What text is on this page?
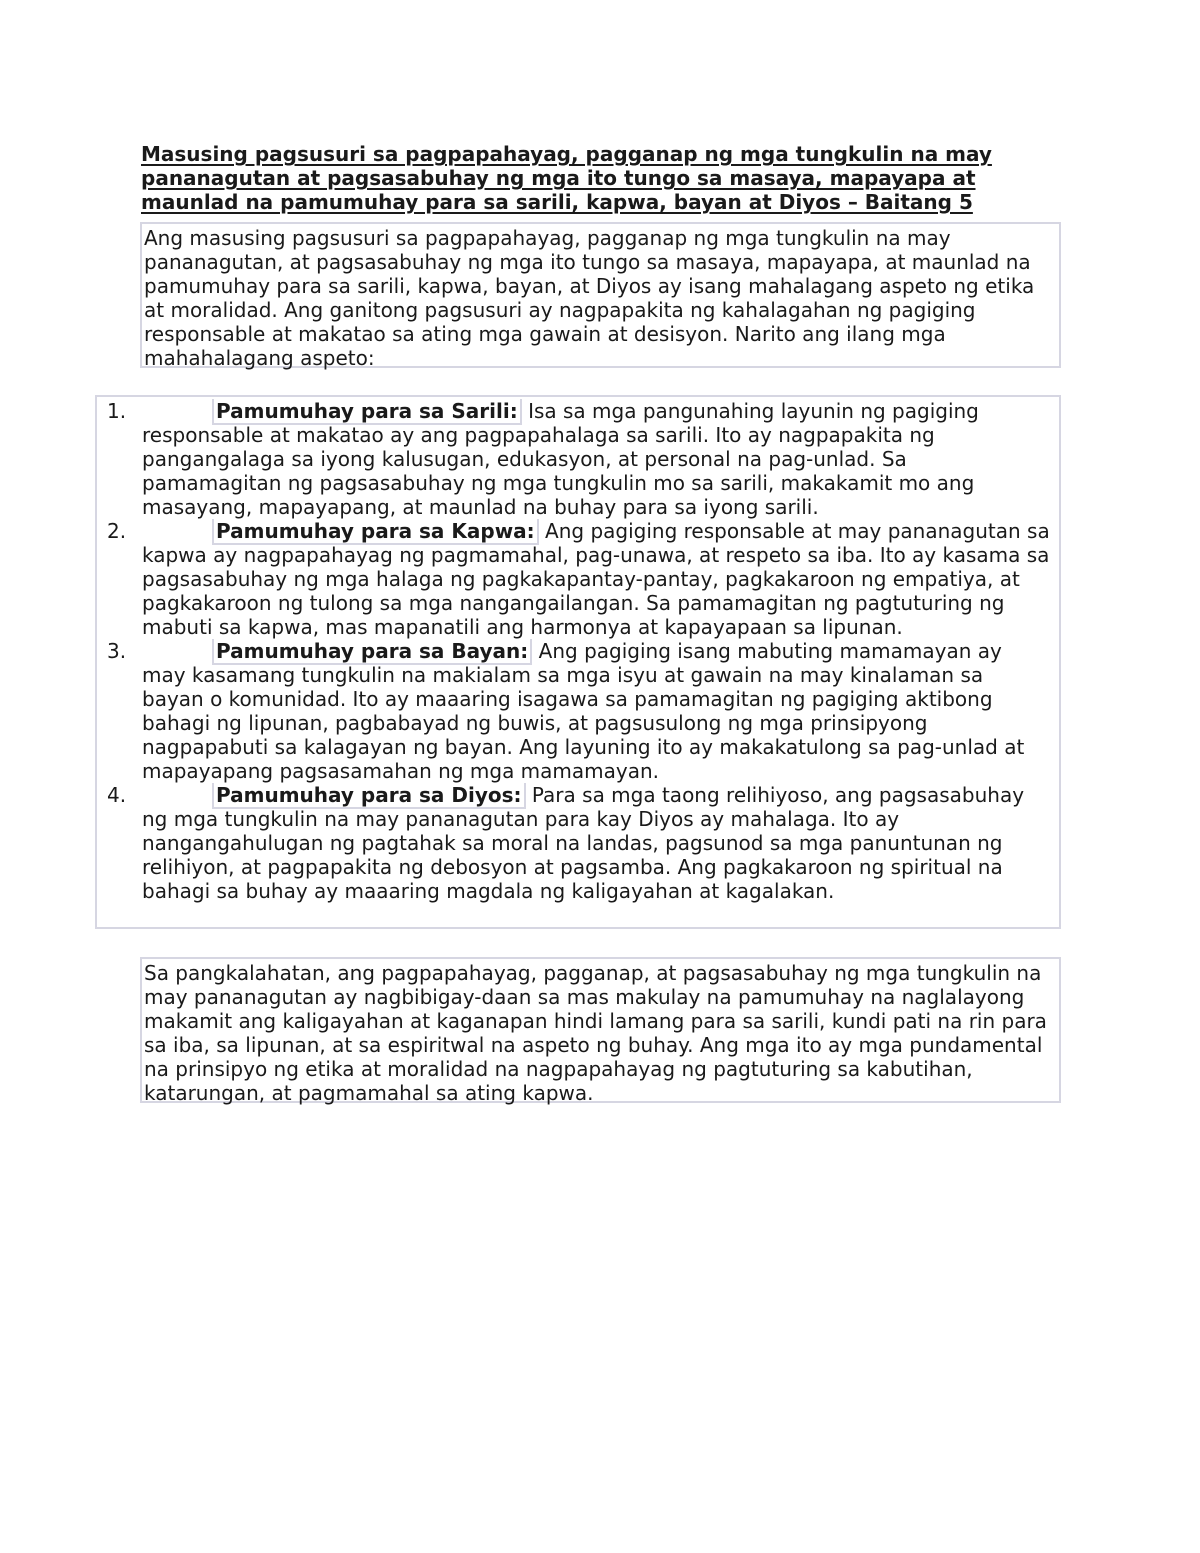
Masusing pagsusuri sa pagpapahayag, pagganap ng mga tungkulin na may pananagutan at pagsasabuhay ng mga ito tungo sa masaya, mapayapa at maunlad na pamumuhay para sa sarili, kapwa, bayan at Diyos – Baitang 5
Ang masusing pagsusuri sa pagpapahayag, pagganap ng mga tungkulin na may pananagutan, at pagsasabuhay ng mga ito tungo sa masaya, mapayapa, at maunlad na pamumuhay para sa sarili, kapwa, bayan, at Diyos ay isang mahalagang aspeto ng etika at moralidad. Ang ganitong pagsusuri ay nagpapakita ng kahalagahan ng pagiging responsable at makatao sa ating mga gawain at desisyon. Narito ang ilang mga mahahalagang aspeto:
1.	Pamumuhay para sa Sarili: Isa sa mga pangunahing layunin ng pagiging responsable at makatao ay ang pagpapahalaga sa sarili. Ito ay nagpapakita ng pangangalaga sa iyong kalusugan, edukasyon, at personal na pag-unlad. Sa pamamagitan ng pagsasabuhay ng mga tungkulin mo sa sarili, makakamit mo ang masayang, mapayapang, at maunlad na buhay para sa iyong sarili.
2.	Pamumuhay para sa Kapwa: Ang pagiging responsable at may pananagutan sa kapwa ay nagpapahayag ng pagmamahal, pag-unawa, at respeto sa iba. Ito ay kasama sa pagsasabuhay ng mga halaga ng pagkakapantay-pantay, pagkakaroon ng empatiya, at pagkakaroon ng tulong sa mga nangangailangan. Sa pamamagitan ng pagtuturing ng mabuti sa kapwa, mas mapanatili ang harmonya at kapayapaan sa lipunan.
3.	Pamumuhay para sa Bayan: Ang pagiging isang mabuting mamamayan ay may kasamang tungkulin na makialam sa mga isyu at gawain na may kinalaman sa bayan o komunidad. Ito ay maaaring isagawa sa pamamagitan ng pagiging aktibong bahagi ng lipunan, pagbabayad ng buwis, at pagsusulong ng mga prinsipyong nagpapabuti sa kalagayan ng bayan. Ang layuning ito ay makakatulong sa pag-unlad at mapayapang pagsasamahan ng mga mamamayan.
4.	Pamumuhay para sa Diyos: Para sa mga taong relihiyoso, ang pagsasabuhay ng mga tungkulin na may pananagutan para kay Diyos ay mahalaga. Ito ay nangangahulugan ng pagtahak sa moral na landas, pagsunod sa mga panuntunan ng relihiyon, at pagpapakita ng debosyon at pagsamba. Ang pagkakaroon ng spiritual na bahagi sa buhay ay maaaring magdala ng kaligayahan at kagalakan.
Sa pangkalahatan, ang pagpapahayag, pagganap, at pagsasabuhay ng mga tungkulin na may pananagutan ay nagbibigay-daan sa mas makulay na pamumuhay na naglalayong makamit ang kaligayahan at kaganapan hindi lamang para sa sarili, kundi pati na rin para sa iba, sa lipunan, at sa espiritwal na aspeto ng buhay. Ang mga ito ay mga pundamental na prinsipyo ng etika at moralidad na nagpapahayag ng pagtuturing sa kabutihan, katarungan, at pagmamahal sa ating kapwa.
